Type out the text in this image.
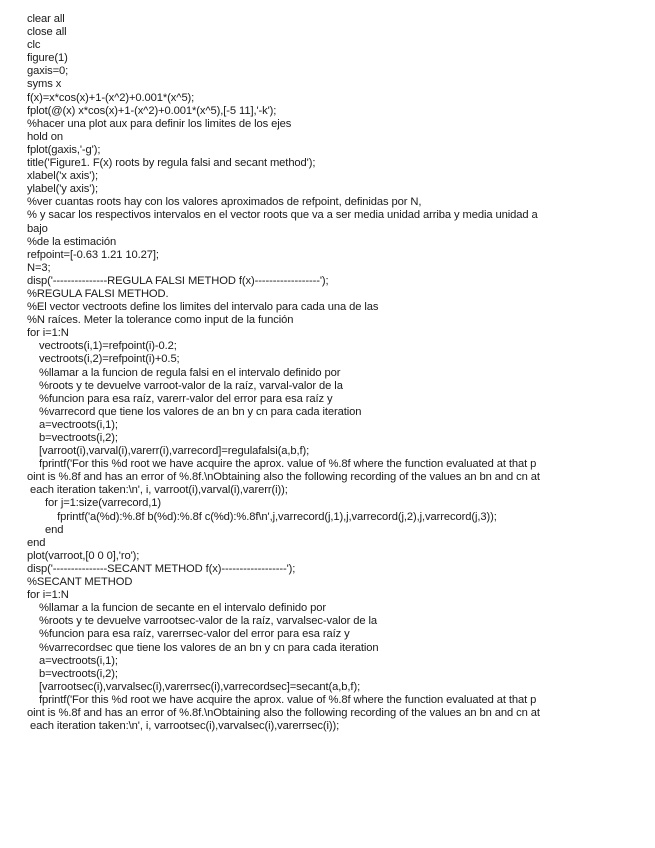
clear all
close all
clc
figure(1)
gaxis=0;
syms x
f(x)=x*cos(x)+1-(x^2)+0.001*(x^5);
fplot(@(x) x*cos(x)+1-(x^2)+0.001*(x^5),[-5 11],'-k');
%hacer una plot aux para definir los limites de los ejes
hold on
fplot(gaxis,'-g');
title('Figure1. F(x) roots by regula falsi and secant method');
xlabel('x axis');
ylabel('y axis');
%ver cuantas roots hay con los valores aproximados de refpoint, definidas por N,
% y sacar los respectivos intervalos en el vector roots que va a ser media unidad arriba y media unidad a
bajo
%de la estimación
refpoint=[-0.63 1.21 10.27];
N=3;
disp('---------------REGULA FALSI METHOD f(x)------------------');
%REGULA FALSI METHOD.
%El vector vectroots define los limites del intervalo para cada una de las
%N raíces. Meter la tolerance como input de la función
for i=1:N
vectroots(i,1)=refpoint(i)-0.2;
vectroots(i,2)=refpoint(i)+0.5;
%llamar a la funcion de regula falsi en el intervalo definido por
%roots y te devuelve varroot-valor de la raíz, varval-valor de la
%funcion para esa raíz, varerr-valor del error para esa raíz y
%varrecord que tiene los valores de an bn y cn para cada iteration
a=vectroots(i,1);
b=vectroots(i,2);
[varroot(i),varval(i),varerr(i),varrecord]=regulafalsi(a,b,f);
fprintf('For this %d root we have acquire the aprox. value of %.8f where the function evaluated at that p
oint is %.8f and has an error of %.8f.\nObtaining also the following recording of the values an bn and cn at
each iteration taken:\n', i, varroot(i),varval(i),varerr(i));
for j=1:size(varrecord,1)
fprintf('a(%d):%.8f b(%d):%.8f c(%d):%.8f\n',j,varrecord(j,1),j,varrecord(j,2),j,varrecord(j,3));
end
end
plot(varroot,[0 0 0],'ro');
disp('---------------SECANT METHOD f(x)------------------');
%SECANT METHOD
for i=1:N
%llamar a la funcion de secante en el intervalo definido por
%roots y te devuelve varrootsec-valor de la raíz, varvalsec-valor de la
%funcion para esa raíz, varerrsec-valor del error para esa raíz y
%varrecordsec que tiene los valores de an bn y cn para cada iteration
a=vectroots(i,1);
b=vectroots(i,2);
[varrootsec(i),varvalsec(i),varerrsec(i),varrecordsec]=secant(a,b,f);
fprintf('For this %d root we have acquire the aprox. value of %.8f where the function evaluated at that p
oint is %.8f and has an error of %.8f.\nObtaining also the following recording of the values an bn and cn at
each iteration taken:\n', i, varrootsec(i),varvalsec(i),varerrsec(i));
